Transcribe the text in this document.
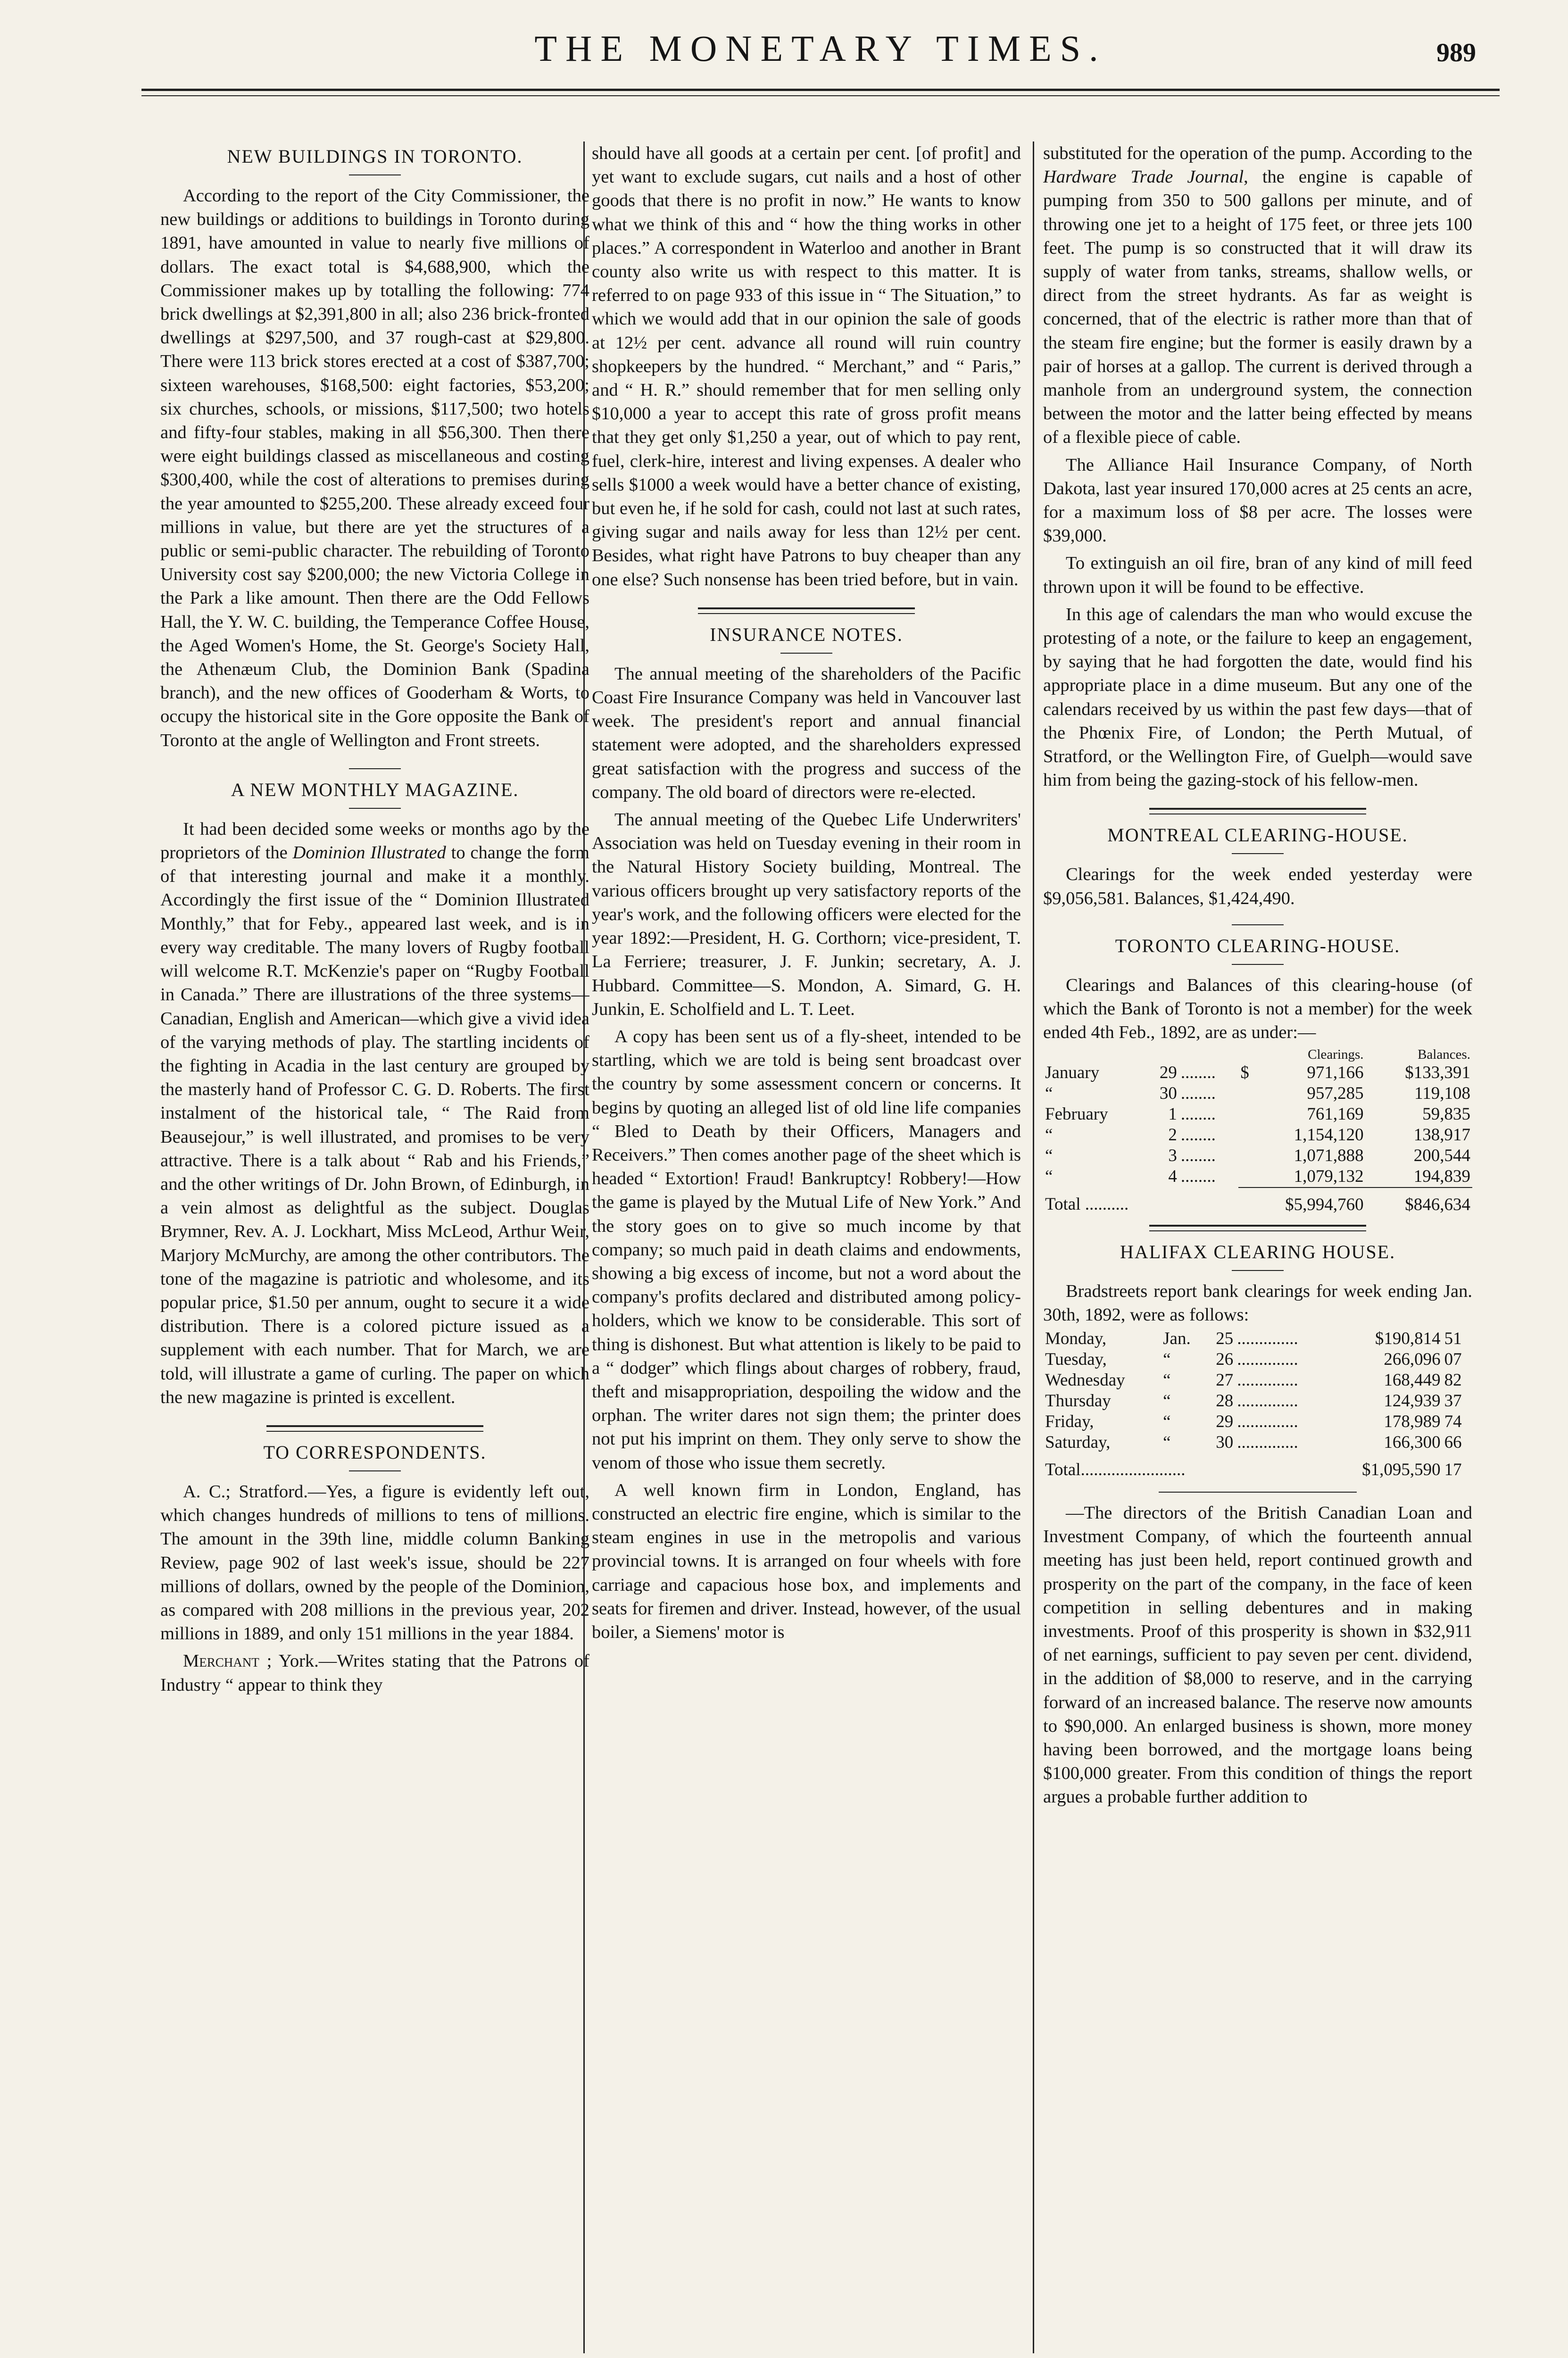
THE MONETARY TIMES.	989
NEW BUILDINGS IN TORONTO.

According to the report of the City Commissioner, the new buildings or additions to buildings in Toronto during 1891, have amounted in value to nearly five millions of dollars. The exact total is $4,688,900, which the Commissioner makes up by totalling the following: 774 brick dwellings at $2,391,800 in all; also 236 brick-fronted dwellings at $297,500, and 37 rough-cast at $29,800. There were 113 brick stores erected at a cost of $387,700; sixteen warehouses, $168,500: eight factories, $53,200; six churches, schools, or missions, $117,500; two hotels and fifty-four stables, making in all $56,300. Then there were eight buildings classed as miscellaneous and costing $300,400, while the cost of alterations to premises during the year amounted to $255,200. These already exceed four millions in value, but there are yet the structures of a public or semi-public character. The rebuilding of Toronto University cost say $200,000; the new Victoria College in the Park a like amount. Then there are the Odd Fellows Hall, the Y. W. C. building, the Temperance Coffee House, the Aged Women's Home, the St. George's Society Hall, the Athenæum Club, the Dominion Bank (Spadina branch), and the new offices of Gooderham & Worts, to occupy the historical site in the Gore opposite the Bank of Toronto at the angle of Wellington and Front streets.

A NEW MONTHLY MAGAZINE.

It had been decided some weeks or months ago by the proprietors of the Dominion Illustrated to change the form of that interesting journal and make it a monthly. Accordingly the first issue of the “ Dominion Illustrated Monthly,” that for Feby., appeared last week, and is in every way creditable. The many lovers of Rugby football will welcome R.T. McKenzie's paper on “Rugby Football in Canada.” There are illustrations of the three systems—Canadian, English and American—which give a vivid idea of the varying methods of play. The startling incidents of the fighting in Acadia in the last century are grouped by the masterly hand of Professor C. G. D. Roberts. The first instalment of the historical tale, “ The Raid from Beausejour,” is well illustrated, and promises to be very attractive. There is a talk about “ Rab and his Friends,” and the other writings of Dr. John Brown, of Edinburgh, in a vein almost as delightful as the subject. Douglas Brymner, Rev. A. J. Lockhart, Miss McLeod, Arthur Weir, Marjory McMurchy, are among the other contributors. The tone of the magazine is patriotic and wholesome, and its popular price, $1.50 per annum, ought to secure it a wide distribution. There is a colored picture issued as a supplement with each number. That for March, we are told, will illustrate a game of curling. The paper on which the new magazine is printed is excellent.

TO CORRESPONDENTS.

A. C.; Stratford.—Yes, a figure is evidently left out, which changes hundreds of millions to tens of millions. The amount in the 39th line, middle column Banking Review, page 902 of last week's issue, should be 227 millions of dollars, owned by the people of the Dominion, as compared with 208 millions in the previous year, 202 millions in 1889, and only 151 millions in the year 1884.

Merchant ; York.—Writes stating that the Patrons of Industry “ appear to think they

should have all goods at a certain per cent. [of profit] and yet want to exclude sugars, cut nails and a host of other goods that there is no profit in now.” He wants to know what we think of this and “ how the thing works in other places.” A correspondent in Waterloo and another in Brant county also write us with respect to this matter. It is referred to on page 933 of this issue in “ The Situation,” to which we would add that in our opinion the sale of goods at 12½ per cent. advance all round will ruin country shopkeepers by the hundred. “ Merchant,” and “ Paris,” and “ H. R.” should remember that for men selling only $10,000 a year to accept this rate of gross profit means that they get only $1,250 a year, out of which to pay rent, fuel, clerk-hire, interest and living expenses. A dealer who sells $1000 a week would have a better chance of existing, but even he, if he sold for cash, could not last at such rates, giving sugar and nails away for less than 12½ per cent. Besides, what right have Patrons to buy cheaper than any one else? Such nonsense has been tried before, but in vain.

INSURANCE NOTES.

The annual meeting of the shareholders of the Pacific Coast Fire Insurance Company was held in Vancouver last week. The president's report and annual financial statement were adopted, and the shareholders expressed great satisfaction with the progress and success of the company. The old board of directors were re-elected.

The annual meeting of the Quebec Life Underwriters' Association was held on Tuesday evening in their room in the Natural History Society building, Montreal. The various officers brought up very satisfactory reports of the year's work, and the following officers were elected for the year 1892:—President, H. G. Corthorn; vice-president, T. La Ferriere; treasurer, J. F. Junkin; secretary, A. J. Hubbard. Committee—S. Mondon, A. Simard, G. H. Junkin, E. Scholfield and L. T. Leet.

A copy has been sent us of a fly-sheet, intended to be startling, which we are told is being sent broadcast over the country by some assessment concern or concerns. It begins by quoting an alleged list of old line life companies “ Bled to Death by their Officers, Managers and Receivers.” Then comes another page of the sheet which is headed “ Extortion! Fraud! Bankruptcy! Robbery!—How the game is played by the Mutual Life of New York.” And the story goes on to give so much income by that company; so much paid in death claims and endowments, showing a big excess of income, but not a word about the company's profits declared and distributed among policy-holders, which we know to be considerable. This sort of thing is dishonest. But what attention is likely to be paid to a “ dodger” which flings about charges of robbery, fraud, theft and misappropriation, despoiling the widow and the orphan. The writer dares not sign them; the printer does not put his imprint on them. They only serve to show the venom of those who issue them secretly.

A well known firm in London, England, has constructed an electric fire engine, which is similar to the steam engines in use in the metropolis and various provincial towns. It is arranged on four wheels with fore carriage and capacious hose box, and implements and seats for firemen and driver. Instead, however, of the usual boiler, a Siemens' motor is

substituted for the operation of the pump. According to the Hardware Trade Journal, the engine is capable of pumping from 350 to 500 gallons per minute, and of throwing one jet to a height of 175 feet, or three jets 100 feet. The pump is so constructed that it will draw its supply of water from tanks, streams, shallow wells, or direct from the street hydrants. As far as weight is concerned, that of the electric is rather more than that of the steam fire engine; but the former is easily drawn by a pair of horses at a gallop. The current is derived through a manhole from an underground system, the connection between the motor and the latter being effected by means of a flexible piece of cable.

The Alliance Hail Insurance Company, of North Dakota, last year insured 170,000 acres at 25 cents an acre, for a maximum loss of $8 per acre. The losses were $39,000.

To extinguish an oil fire, bran of any kind of mill feed thrown upon it will be found to be effective.

In this age of calendars the man who would excuse the protesting of a note, or the failure to keep an engagement, by saying that he had forgotten the date, would find his appropriate place in a dime museum. But any one of the calendars received by us within the past few days—that of the Phœnix Fire, of London; the Perth Mutual, of Stratford, or the Wellington Fire, of Guelph—would save him from being the gazing-stock of his fellow-men.

MONTREAL CLEARING-HOUSE.

Clearings for the week ended yesterday were $9,056,581. Balances, $1,424,490.

TORONTO CLEARING-HOUSE.

Clearings and Balances of this clearing-house (of which the Bank of Toronto is not a member) for the week ended 4th Feb., 1892, are as under:—

			Clearings.	Balances.
January	29	........	$ 971,166	$133,391
“	30	........	957,285	119,108
February	1	........	761,169	59,835
“	2	........	1,154,120	138,917
“	3	........	1,071,888	200,544
“	4	........	1,079,132	194,839
Total ..........			$5,994,760	$846,634
HALIFAX CLEARING HOUSE.

Bradstreets report bank clearings for week ending Jan. 30th, 1892, were as follows:

Monday,	Jan.	25	..............	$190,814	51
Tuesday,	“	26	..............	266,096	07
Wednesday	“	27	..............	168,449	82
Thursday	“	28	..............	124,939	37
Friday,	“	29	..............	178,989	74
Saturday,	“	30	..............	166,300	66
Total........................				$1,095,590	17

—The directors of the British Canadian Loan and Investment Company, of which the fourteenth annual meeting has just been held, report continued growth and prosperity on the part of the company, in the face of keen competition in selling debentures and in making investments. Proof of this prosperity is shown in $32,911 of net earnings, sufficient to pay seven per cent. dividend, in the addition of $8,000 to reserve, and in the carrying forward of an increased balance. The reserve now amounts to $90,000. An enlarged business is shown, more money having been borrowed, and the mortgage loans being $100,000 greater. From this condition of things the report argues a probable further addition to
